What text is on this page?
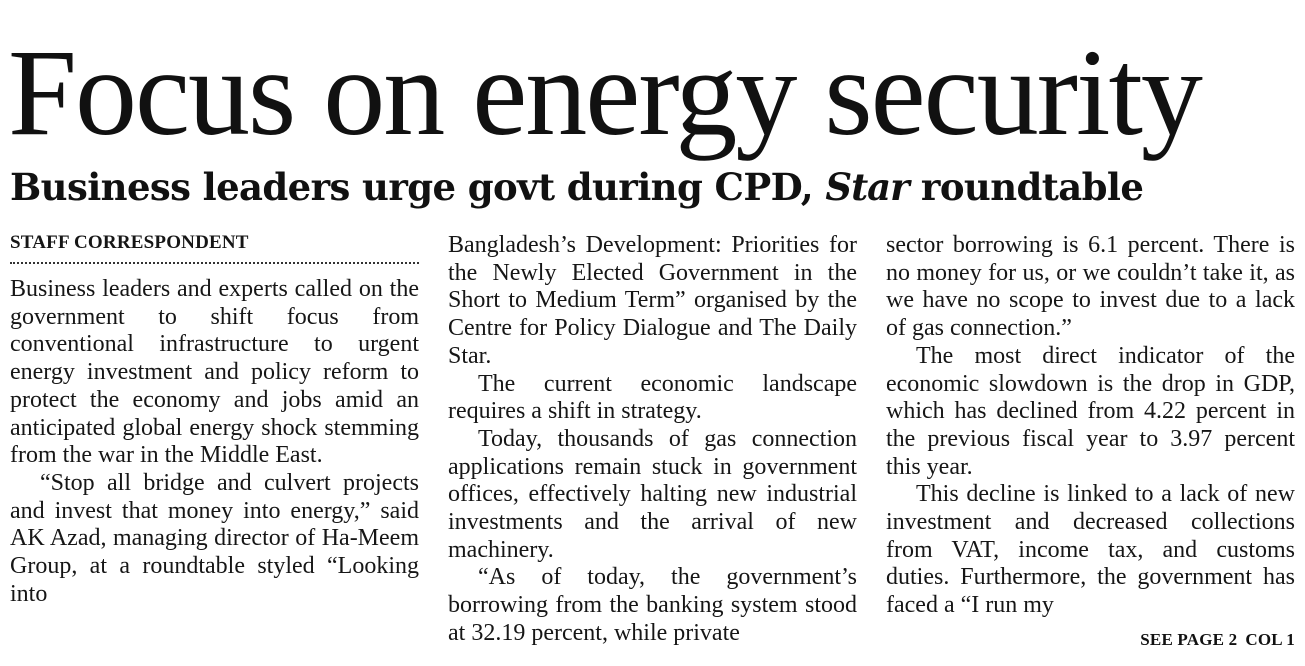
Focus on energy security
Business leaders urge govt during CPD, Star roundtable
STAFF CORRESPONDENT

Business leaders and experts called on the government to shift focus from conventional infrastructure to urgent energy investment and policy reform to protect the economy and jobs amid an anticipated global energy shock stemming from the war in the Middle East.

“Stop all bridge and culvert projects and invest that money into energy,” said AK Azad, managing director of Ha-Meem Group, at a roundtable styled “Looking into

Bangladesh’s Development: Priorities for the Newly Elected Government in the Short to Medium Term” organised by the Centre for Policy Dialogue and The Daily Star.

The current economic landscape requires a shift in strategy.

Today, thousands of gas connection applications remain stuck in government offices, effectively halting new industrial investments and the arrival of new machinery.

“As of today, the government’s borrowing from the banking system stood at 32.19 percent, while private

sector borrowing is 6.1 percent. There is no money for us, or we couldn’t take it, as we have no scope to invest due to a lack of gas connection.”

The most direct indicator of the economic slowdown is the drop in GDP, which has declined from 4.22 percent in the previous fiscal year to 3.97 percent this year.

This decline is linked to a lack of new investment and decreased collections from VAT, income tax, and customs duties. Furthermore, the government has faced a “I run my

SEE PAGE 2 COL 1
